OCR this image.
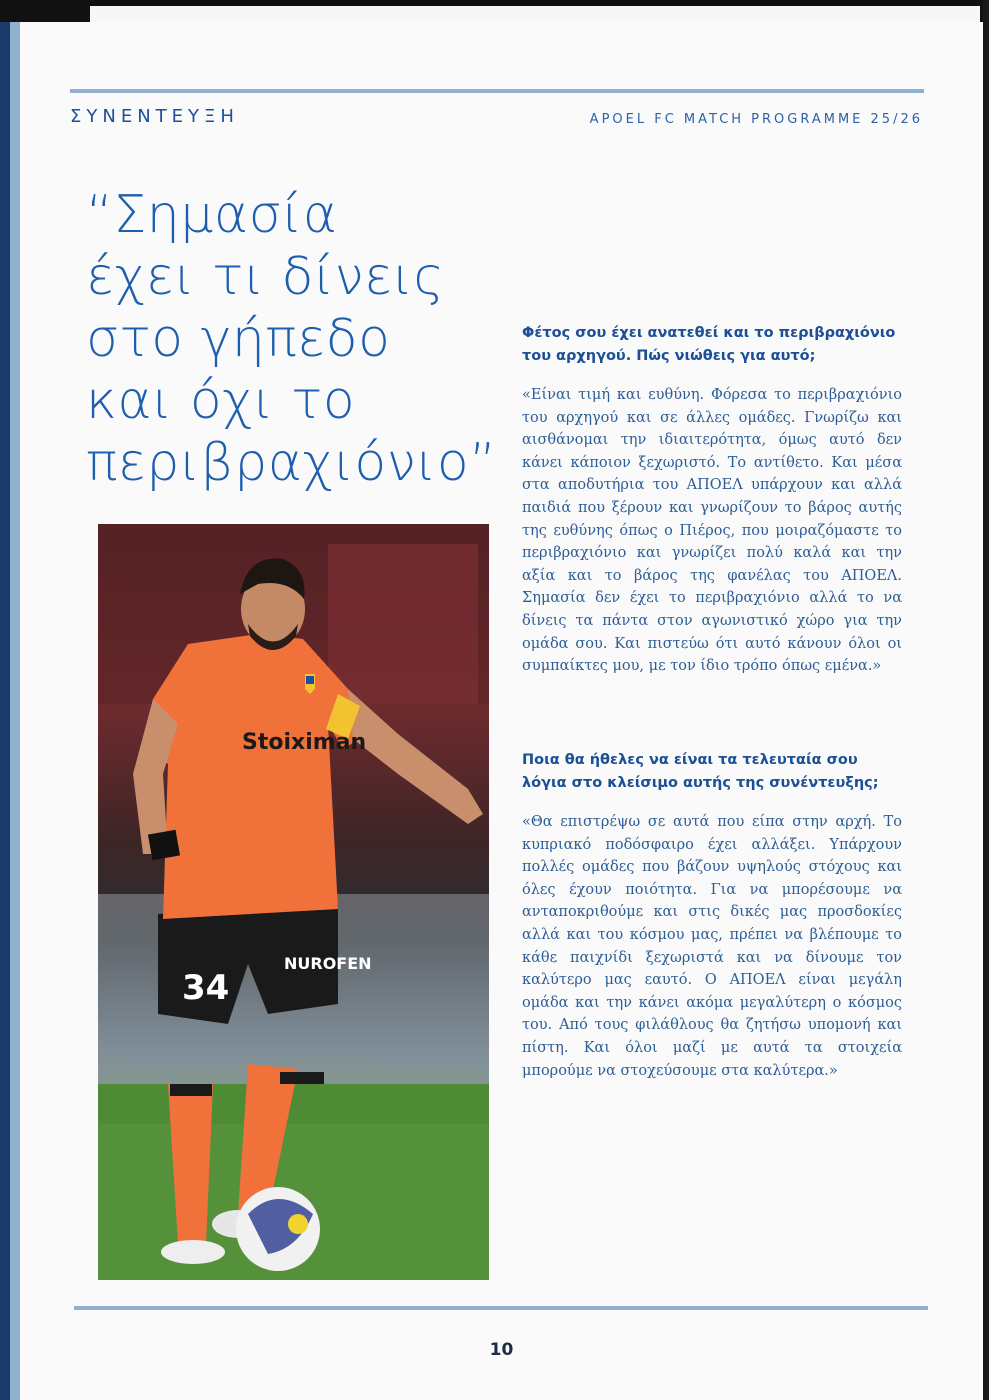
ΣΥΝΕΝΤΕΥΞΗ	APOEL FC MATCH PROGRAMME 25/26
“Σημασία
έχει τι δίνεις
στο γήπεδο
και όχι το
περιβραχιόνιο”
NUROFEN
34
Stoiximan
Φέτος σου έχει ανατεθεί και το περιβραχιόνιο του αρχηγού. Πώς νιώθεις για αυτό;
«Είναι τιμή και ευθύνη. Φόρεσα το περιβραχιόνιο του αρχηγού και σε άλλες ομάδες. Γνωρίζω και αισθάνομαι την ιδιαιτερότητα, όμως αυτό δεν κάνει κάποιον ξεχωριστό. Το αντίθετο. Και μέσα στα αποδυτήρια του ΑΠΟΕΛ υπάρχουν και αλλά παιδιά που ξέρουν και γνωρίζουν το βάρος αυτής της ευθύνης όπως ο Πιέρος, που μοιραζόμαστε το περιβραχιόνιο και γνωρίζει πολύ καλά και την αξία και το βάρος της φανέλας του ΑΠΟΕΛ. Σημασία δεν έχει το περιβραχιόνιο αλλά το να δίνεις τα πάντα στον αγωνιστικό χώρο για την ομάδα σου. Και πιστεύω ότι αυτό κάνουν όλοι οι συμπαίκτες μου, με τον ίδιο τρόπο όπως εμένα.»
Ποια θα ήθελες να είναι τα τελευταία σου λόγια στο κλείσιμο αυτής της συνέντευξης;
«Θα επιστρέψω σε αυτά που είπα στην αρχή. Το κυπριακό ποδόσφαιρο έχει αλλάξει. Υπάρχουν πολλές ομάδες που βάζουν υψηλούς στόχους και όλες έχουν ποιότητα. Για να μπορέσουμε να ανταποκριθούμε και στις δικές μας προσδοκίες αλλά και του κόσμου μας, πρέπει να βλέπουμε το κάθε παιχνίδι ξεχωριστά και να δίνουμε τον καλύτερο μας εαυτό. Ο ΑΠΟΕΛ είναι μεγάλη ομάδα και την κάνει ακόμα μεγαλύτερη ο κόσμος του. Από τους φιλάθλους θα ζητήσω υπομονή και πίστη. Και όλοι μαζί με αυτά τα στοιχεία μπορούμε να στοχεύσουμε στα καλύτερα.»
10
